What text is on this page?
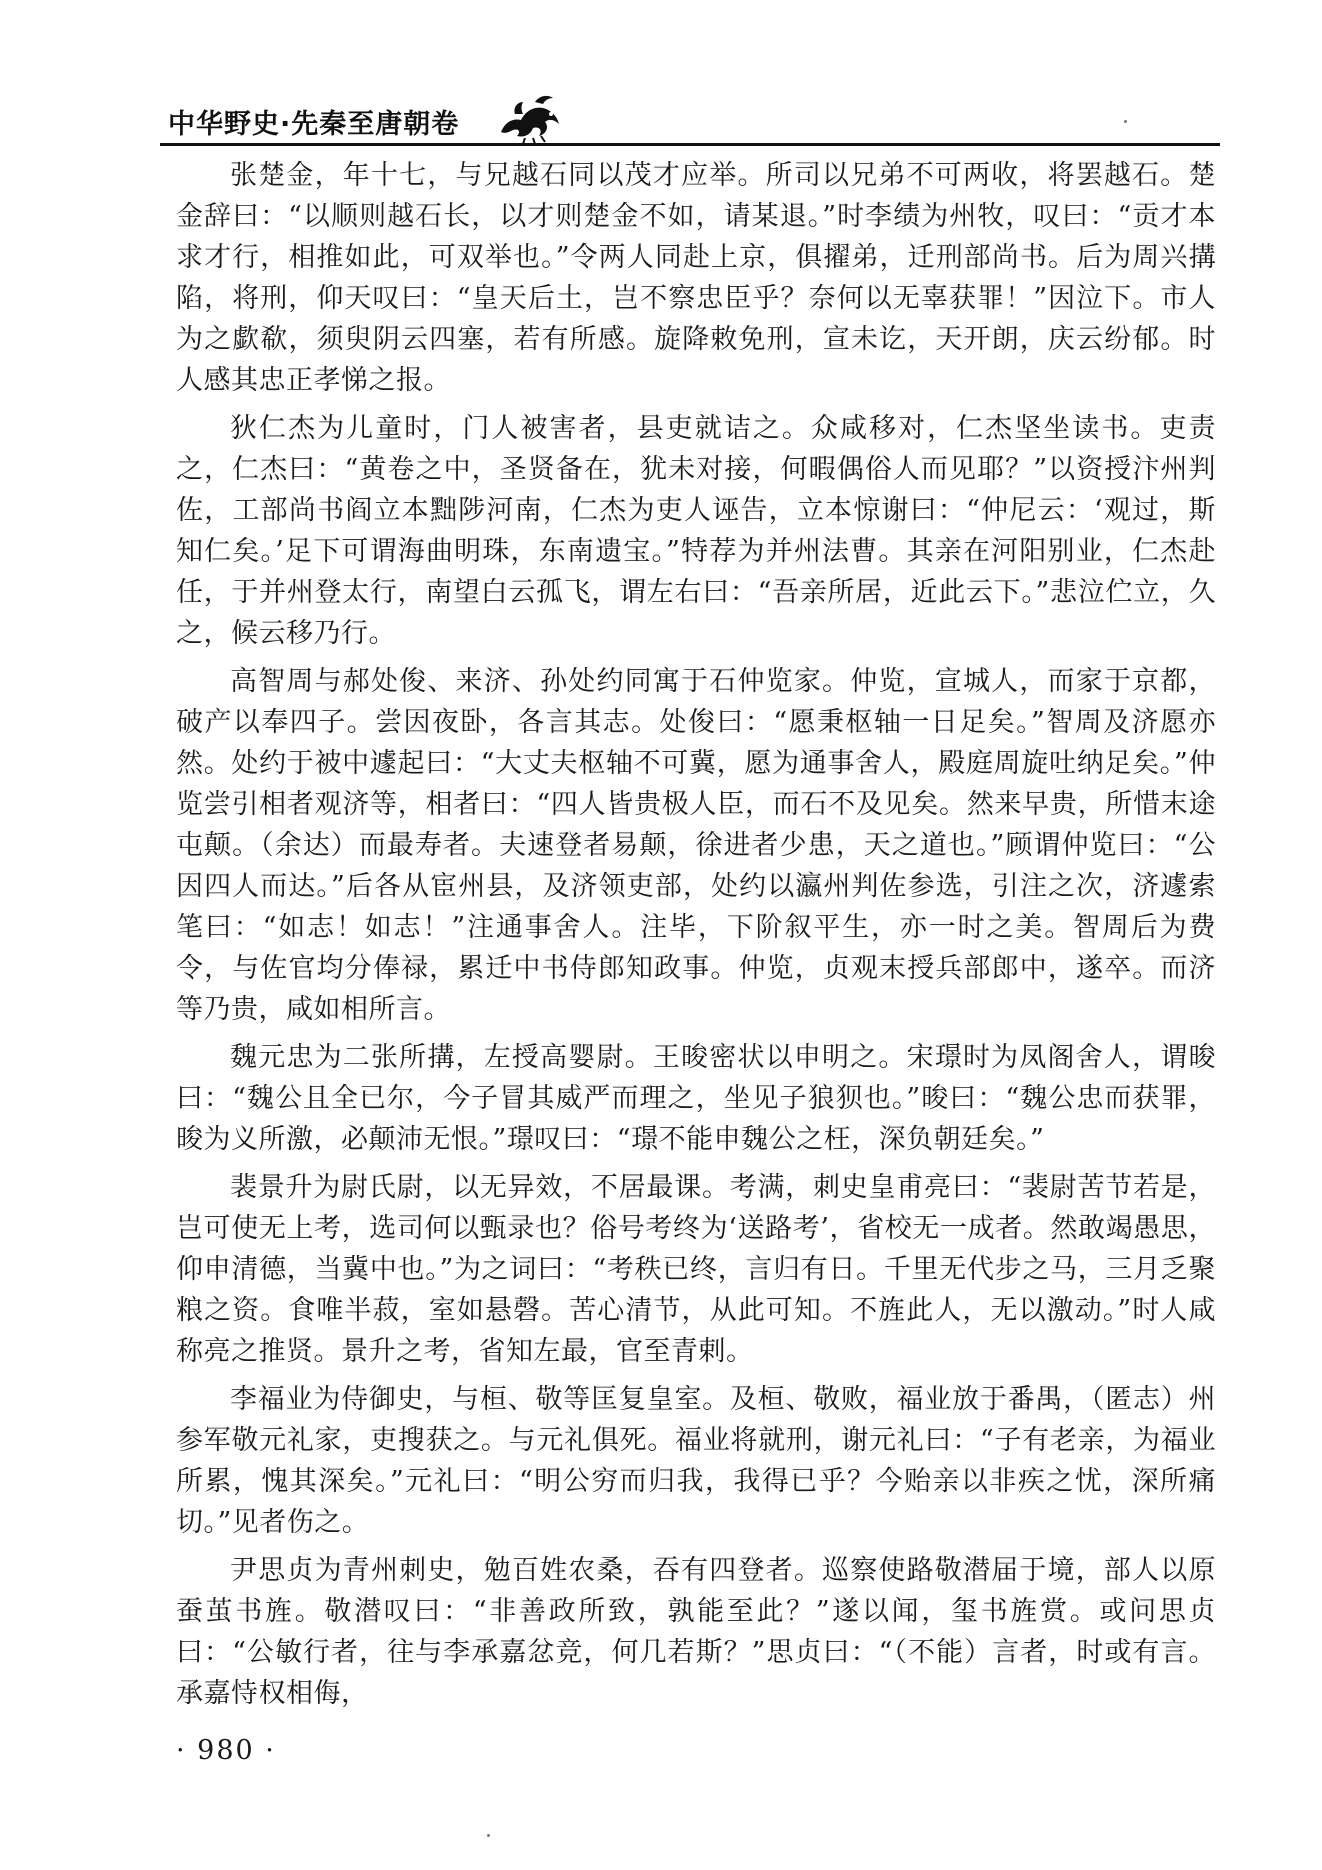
中华野史·先秦至唐朝卷

张楚金，年十七，与兄越石同以茂才应举。所司以兄弟不可两收，将罢越石。楚金辞曰：“以顺则越石长，以才则楚金不如，请某退。”时李绩为州牧，叹曰：“贡才本求才行，相推如此，可双举也。”令两人同赴上京，俱擢弟，迁刑部尚书。后为周兴搆陷，将刑，仰天叹曰：“皇天后土，岂不察忠臣乎？奈何以无辜获罪！”因泣下。市人为之歔欷，须臾阴云四塞，若有所感。旋降敕免刑，宣未讫，天开朗，庆云纷郁。时人感其忠正孝悌之报。

狄仁杰为儿童时，门人被害者，县吏就诘之。众咸移对，仁杰坚坐读书。吏责之，仁杰曰：“黄卷之中，圣贤备在，犹未对接，何暇偶俗人而见耶？”以资授汴州判佐，工部尚书阎立本黜陟河南，仁杰为吏人诬告，立本惊谢曰：“仲尼云：‘观过，斯知仁矣。’足下可谓海曲明珠，东南遗宝。”特荐为并州法曹。其亲在河阳别业，仁杰赴任，于并州登太行，南望白云孤飞，谓左右曰：“吾亲所居，近此云下。”悲泣伫立，久之，候云移乃行。

高智周与郝处俊、来济、孙处约同寓于石仲览家。仲览，宣城人，而家于京都，破产以奉四子。尝因夜卧，各言其志。处俊曰：“愿秉枢轴一日足矣。”智周及济愿亦然。处约于被中遽起曰：“大丈夫枢轴不可冀，愿为通事舍人，殿庭周旋吐纳足矣。”仲览尝引相者观济等，相者曰：“四人皆贵极人臣，而石不及见矣。然来早贵，所惜末途屯颠。（余达）而最寿者。夫速登者易颠，徐进者少患，天之道也。”顾谓仲览曰：“公因四人而达。”后各从宦州县，及济领吏部，处约以瀛州判佐参选，引注之次，济遽索笔曰：“如志！如志！”注通事舍人。注毕，下阶叙平生，亦一时之美。智周后为费令，与佐官均分俸禄，累迁中书侍郎知政事。仲览，贞观末授兵部郎中，遂卒。而济等乃贵，咸如相所言。

魏元忠为二张所搆，左授高婴尉。王晙密状以申明之。宋璟时为凤阁舍人，谓晙曰：“魏公且全已尔，今子冒其威严而理之，坐见子狼狈也。”晙曰：“魏公忠而获罪，晙为义所激，必颠沛无恨。”璟叹曰：“璟不能申魏公之枉，深负朝廷矣。”

裴景升为尉氏尉，以无异效，不居最课。考满，刺史皇甫亮曰：“裴尉苦节若是，岂可使无上考，选司何以甄录也？俗号考终为‘送路考’，省校无一成者。然敢竭愚思，仰申清德，当冀中也。”为之词曰：“考秩已终，言归有日。千里无代步之马，三月乏聚粮之资。食唯半菽，室如悬磬。苦心清节，从此可知。不旌此人，无以激动。”时人咸称亮之推贤。景升之考，省知左最，官至青剌。

李福业为侍御史，与桓、敬等匡复皇室。及桓、敬败，福业放于番禺，（匿志）州参军敬元礼家，吏搜获之。与元礼俱死。福业将就刑，谢元礼曰：“子有老亲，为福业所累，愧其深矣。”元礼曰：“明公穷而归我，我得已乎？今贻亲以非疾之忧，深所痛切。”见者伤之。

尹思贞为青州刺史，勉百姓农桑，吞有四登者。巡察使路敬潜届于境，部人以原蚕茧书旌。敬潜叹曰：“非善政所致，孰能至此？”遂以闻，玺书旌赏。或问思贞曰：“公敏行者，往与李承嘉忿竞，何几若斯？”思贞曰：“（不能）言者，时或有言。承嘉恃权相侮，

· 980 ·
